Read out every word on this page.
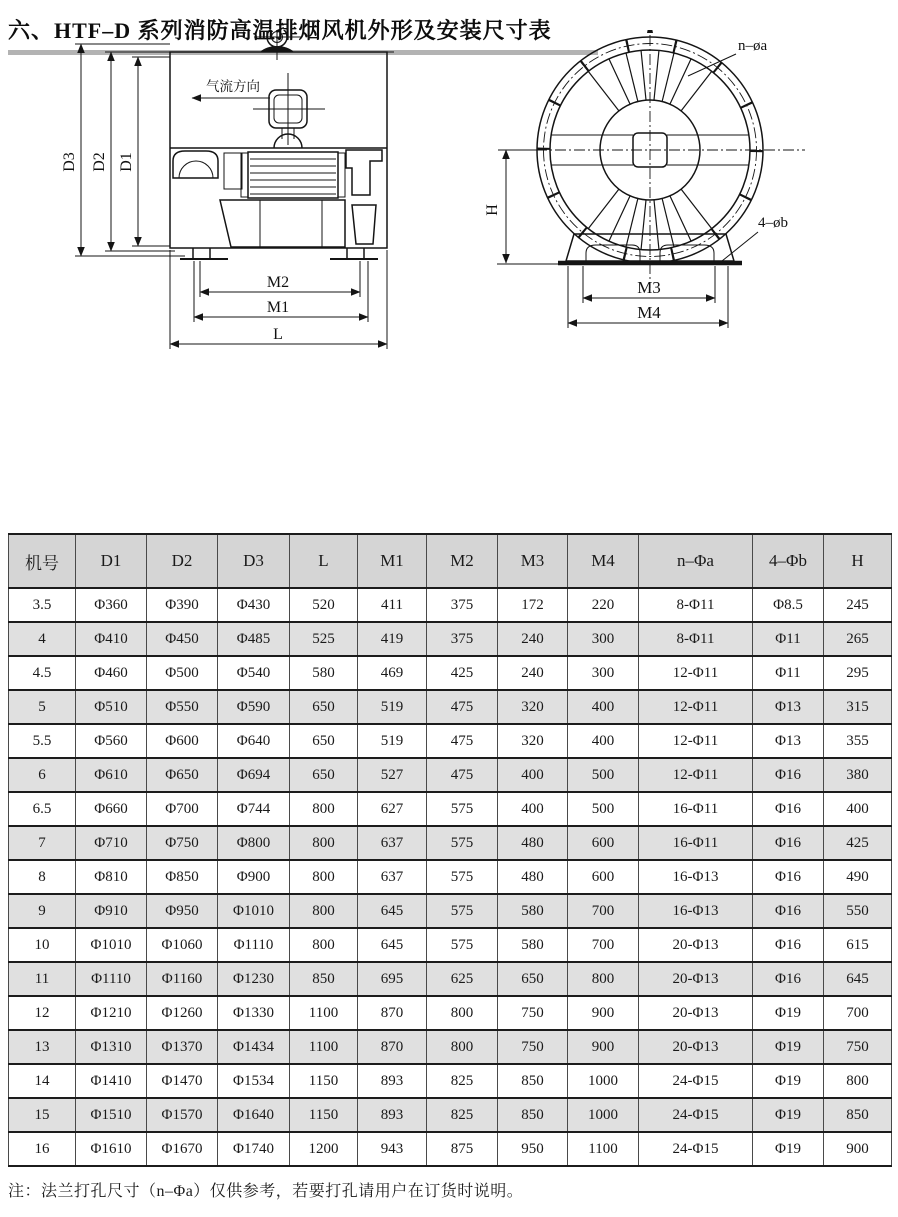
六、HTF–D 系列消防高温排烟风机外形及安装尺寸表
气流方向
D3 D2 D1
M2
M1
L
H
M3
M4
n–øa
4–øb
机号	D1	D2	D3	L	M1	M2	M3	M4	n–Φa	4–Φb	H
3.5	Φ360	Φ390	Φ430	520	411	375	172	220	8-Φ11	Φ8.5	245
4	Φ410	Φ450	Φ485	525	419	375	240	300	8-Φ11	Φ11	265
4.5	Φ460	Φ500	Φ540	580	469	425	240	300	12-Φ11	Φ11	295
5	Φ510	Φ550	Φ590	650	519	475	320	400	12-Φ11	Φ13	315
5.5	Φ560	Φ600	Φ640	650	519	475	320	400	12-Φ11	Φ13	355
6	Φ610	Φ650	Φ694	650	527	475	400	500	12-Φ11	Φ16	380
6.5	Φ660	Φ700	Φ744	800	627	575	400	500	16-Φ11	Φ16	400
7	Φ710	Φ750	Φ800	800	637	575	480	600	16-Φ11	Φ16	425
8	Φ810	Φ850	Φ900	800	637	575	480	600	16-Φ13	Φ16	490
9	Φ910	Φ950	Φ1010	800	645	575	580	700	16-Φ13	Φ16	550
10	Φ1010	Φ1060	Φ1110	800	645	575	580	700	20-Φ13	Φ16	615
11	Φ1110	Φ1160	Φ1230	850	695	625	650	800	20-Φ13	Φ16	645
12	Φ1210	Φ1260	Φ1330	1100	870	800	750	900	20-Φ13	Φ19	700
13	Φ1310	Φ1370	Φ1434	1100	870	800	750	900	20-Φ13	Φ19	750
14	Φ1410	Φ1470	Φ1534	1150	893	825	850	1000	24-Φ15	Φ19	800
15	Φ1510	Φ1570	Φ1640	1150	893	825	850	1000	24-Φ15	Φ19	850
16	Φ1610	Φ1670	Φ1740	1200	943	875	950	1100	24-Φ15	Φ19	900
注：法兰打孔尺寸（n–Φa）仅供参考，若要打孔请用户在订货时说明。
